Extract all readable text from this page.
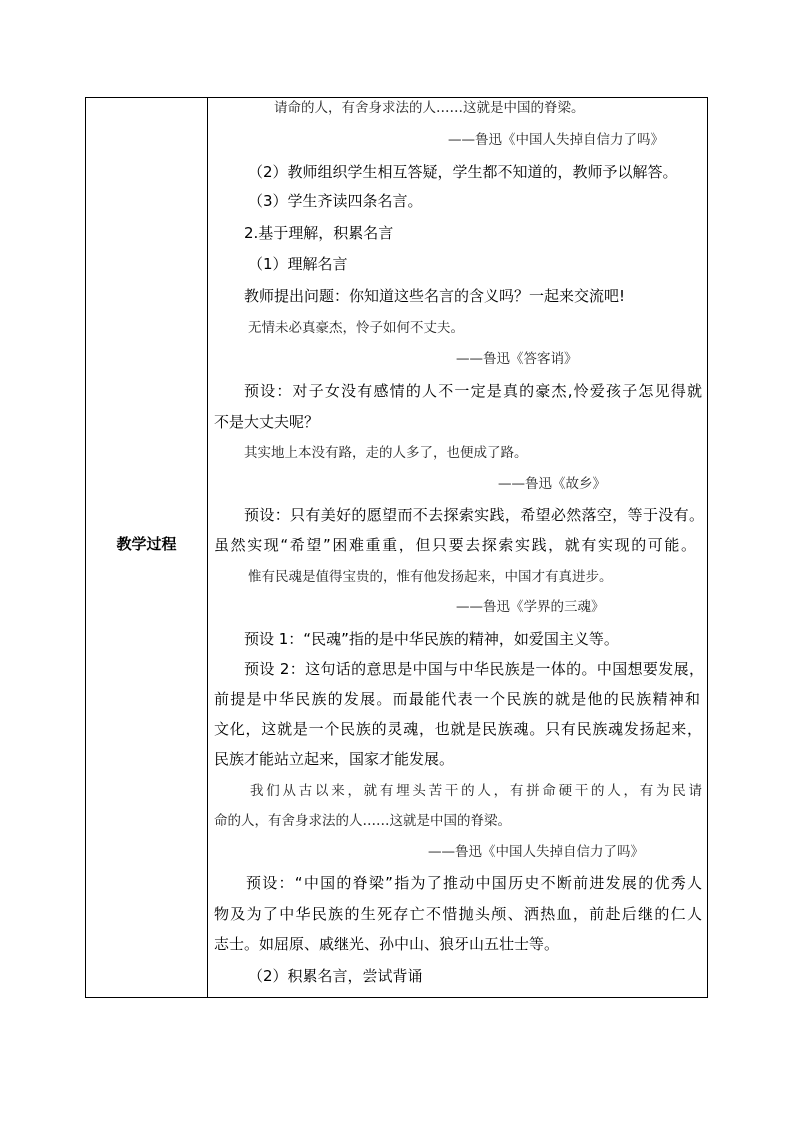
教学过程
请命的人，有舍身求法的人……这就是中国的脊梁。
——鲁迅《中国人失掉自信力了吗》
（2）教师组织学生相互答疑，学生都不知道的，教师予以解答。
（3）学生齐读四条名言。
2.基于理解，积累名言
（1）理解名言
教师提出问题：你知道这些名言的含义吗？一起来交流吧!
无情未必真豪杰，怜子如何不丈夫。
——鲁迅《答客诮》
预设：对子女没有感情的人不一定是真的豪杰,怜爱孩子怎见得就
不是大丈夫呢？
其实地上本没有路，走的人多了，也便成了路。
——鲁迅《故乡》
预设：只有美好的愿望而不去探索实践，希望必然落空，等于没有。
虽然实现“希望”困难重重，但只要去探索实践，就有实现的可能。
惟有民魂是值得宝贵的，惟有他发扬起来，中国才有真进步。
——鲁迅《学界的三魂》
预设 1：“民魂”指的是中华民族的精神，如爱国主义等。
预设 2：这句话的意思是中国与中华民族是一体的。中国想要发展，
前提是中华民族的发展。而最能代表一个民族的就是他的民族精神和
文化，这就是一个民族的灵魂，也就是民族魂。只有民族魂发扬起来，
民族才能站立起来，国家才能发展。
我们从古以来，就有埋头苦干的人，有拼命硬干的人，有为民请
命的人，有舍身求法的人……这就是中国的脊梁。
——鲁迅《中国人失掉自信力了吗》
预设：“中国的脊梁”指为了推动中国历史不断前进发展的优秀人
物及为了中华民族的生死存亡不惜抛头颅、洒热血，前赴后继的仁人
志士。如屈原、戚继光、孙中山、狼牙山五壮士等。
（2）积累名言，尝试背诵
